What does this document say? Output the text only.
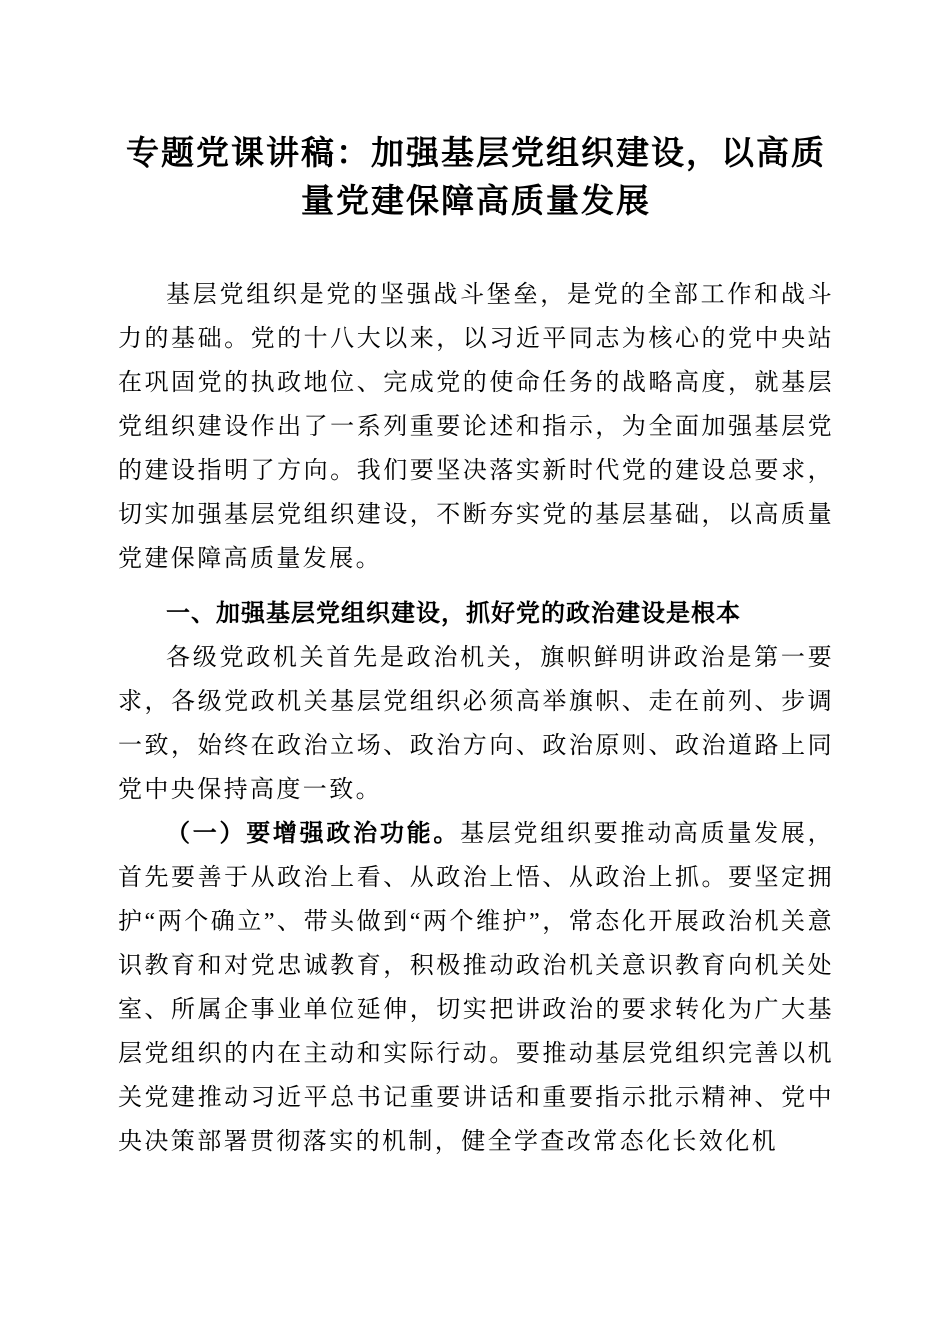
专题党课讲稿：加强基层党组织建设，以高质量党建保障高质量发展

基层党组织是党的坚强战斗堡垒，是党的全部工作和战斗力的基础。党的十八大以来，以习近平同志为核心的党中央站在巩固党的执政地位、完成党的使命任务的战略高度，就基层党组织建设作出了一系列重要论述和指示，为全面加强基层党的建设指明了方向。我们要坚决落实新时代党的建设总要求，切实加强基层党组织建设，不断夯实党的基层基础，以高质量党建保障高质量发展。

一、加强基层党组织建设，抓好党的政治建设是根本

各级党政机关首先是政治机关，旗帜鲜明讲政治是第一要求，各级党政机关基层党组织必须高举旗帜、走在前列、步调一致，始终在政治立场、政治方向、政治原则、政治道路上同党中央保持高度一致。

（一）要增强政治功能。基层党组织要推动高质量发展，首先要善于从政治上看、从政治上悟、从政治上抓。要坚定拥护“两个确立”、带头做到“两个维护”，常态化开展政治机关意识教育和对党忠诚教育，积极推动政治机关意识教育向机关处室、所属企事业单位延伸，切实把讲政治的要求转化为广大基层党组织的内在主动和实际行动。要推动基层党组织完善以机关党建推动习近平总书记重要讲话和重要指示批示精神、党中央决策部署贯彻落实的机制，健全学查改常态化长效化机
